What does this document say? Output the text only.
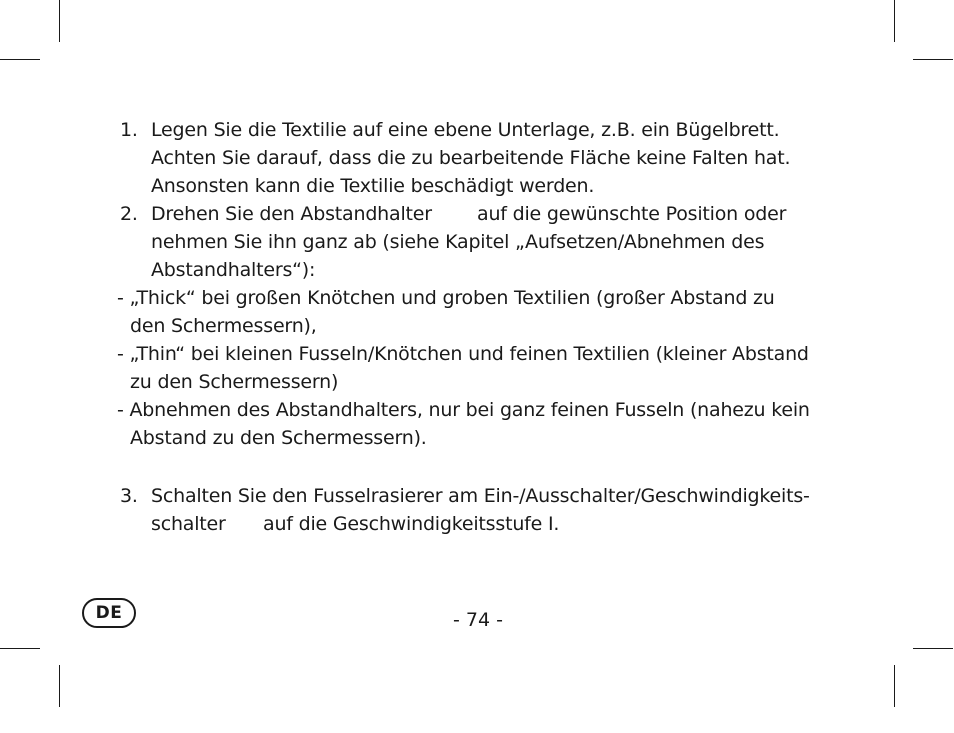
1. Legen Sie die Textilie auf eine ebene Unterlage, z.B. ein Bügelbrett.
Achten Sie darauf, dass die zu bearbeitende Fläche keine Falten hat.
Ansonsten kann die Textilie beschädigt werden.
2. Drehen Sie den Abstandhalter auf die gewünschte Position oder
nehmen Sie ihn ganz ab (siehe Kapitel „Aufsetzen/Abnehmen des
Abstandhalters“):
- „Thick“ bei großen Knötchen und groben Textilien (großer Abstand zu
den Schermessern),
- „Thin“ bei kleinen Fusseln/Knötchen und feinen Textilien (kleiner Abstand
zu den Schermessern)
- Abnehmen des Abstandhalters, nur bei ganz feinen Fusseln (nahezu kein
Abstand zu den Schermessern).
3. Schalten Sie den Fusselrasierer am Ein-/Ausschalter/Geschwindigkeits-
schalter auf die Geschwindigkeitsstufe I.
DE	- 74 -
